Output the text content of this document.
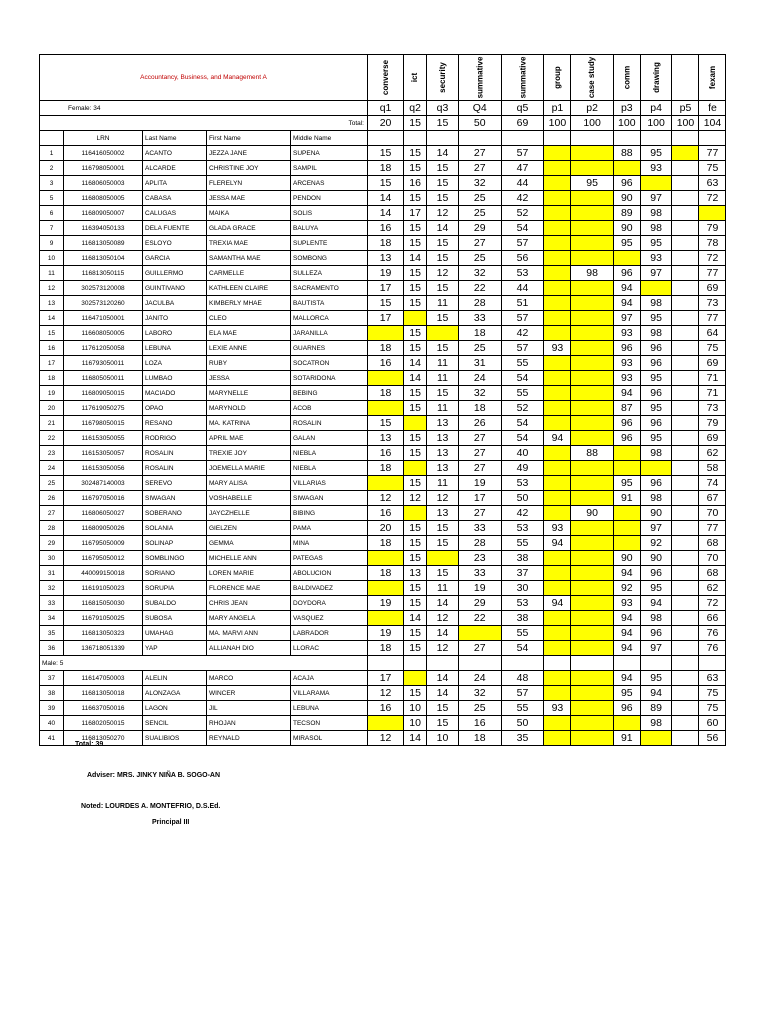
Accountancy, Business, and Management A					converse	ict	security	summative	summative	group	case study	comm	drawing		fexam
Female: 34					q1	q2	q3	Q4	q5	p1	p2	p3	p4	p5	fe
Total:					20	15	15	50	69	100	100	100	100	100	104
	LRN	Last Name	First Name	Middle Name											
1	116416050002	ACANTO	JEZZA JANE	SUPENA	15	15	14	27	57			88	95		77
2	116798050001	ALCARDE	CHRISTINE JOY	SAMPIL	18	15	15	27	47				93		75
3	116806050003	APLITA	FLERELYN	ARCENAS	15	16	15	32	44		95	96			63
5	116808050005	CABASA	JESSA MAE	PENDON	14	15	15	25	42			90	97		72
6	116809050007	CALUGAS	MAIKA	SOLIS	14	17	12	25	52			89	98		
7	116394050133	DELA FUENTE	GLADA GRACE	BALUYA	16	15	14	29	54			90	98		79
9	116813050089	ESLOYO	TREXIA MAE	SUPLENTE	18	15	15	27	57			95	95		78
10	116813050104	GARCIA	SAMANTHA MAE	SOMBONG	13	14	15	25	56				93		72
11	116813050115	GUILLERMO	CARMELLE	SULLEZA	19	15	12	32	53		98	96	97		77
12	302573120008	GUINTIVANO	KATHLEEN CLAIRE	SACRAMENTO	17	15	15	22	44			94			69
13	302573120260	JACULBA	KIMBERLY MHAE	BAUTISTA	15	15	11	28	51			94	98		73
14	116471050001	JANITO	CLEO	MALLORCA	17		15	33	57			97	95		77
15	116608050005	LABORO	ELA MAE	JARANILLA		15		18	42			93	98		64
16	117612050058	LEBUNA	LEXIE ANNE	GUARNES	18	15	15	25	57	93		96	96		75
17	116793050011	LOZA	RUBY	SOCATRON	16	14	11	31	55			93	96		69
18	116805050011	LUMBAO	JESSA	SOTARIDONA		14	11	24	54			93	95		71
19	116809050015	MACIADO	MARYNELLE	BEBING	18	15	15	32	55			94	96		71
20	117619050275	OPAO	MARYNOLD	ACOB		15	11	18	52			87	95		73
21	116798050015	RESANO	MA. KATRINA	ROSALIN	15		13	26	54			96	96		79
22	116153050055	RODRIGO	APRIL MAE	GALAN	13	15	13	27	54	94		96	95		69
23	116153050057	ROSALIN	TREXIE JOY	NIEBLA	16	15	13	27	40		88		98		62
24	116153050056	ROSALIN	JOEMELLA MARIE	NIEBLA	18		13	27	49						58
25	302487140003	SEREVO	MARY ALISA	VILLARIAS		15	11	19	53			95	96		74
26	116797050016	SIWAGAN	VOSHABELLE	SIWAGAN	12	12	12	17	50			91	98		67
27	116806050027	SOBERANO	JAYCZHELLE	BIBING	16		13	27	42		90		90		70
28	116809050026	SOLANIA	GIELZEN	PAMA	20	15	15	33	53	93			97		77
29	116795050009	SOLINAP	GEMMA	MINA	18	15	15	28	55	94			92		68
30	116795050012	SOMBLINGO	MICHELLE ANN	PATEGAS		15		23	38			90	90		70
31	440099150018	SORIANO	LOREN MARIE	ABOLUCION	18	13	15	33	37			94	96		68
32	116191050023	SORUPIA	FLORENCE MAE	BALDIVADEZ		15	11	19	30			92	95		62
33	116815050030	SUBALDO	CHRIS JEAN	DOYDORA	19	15	14	29	53	94		93	94		72
34	116791050025	SUBOSA	MARY ANGELA	VASQUEZ		14	12	22	38			94	98		66
35	116813050323	UMAHAG	MA. MARVI ANN	LABRADOR	19	15	14		55			94	96		76
36	136718051339	YAP	ALLIANAH DIO	LLORAC	18	15	12	27	54			94	97		76
Male: 5															
37	116147050003	ALELIN	MARCO	ACAJA	17		14	24	48			94	95		63
38	116813050018	ALONZAGA	WINCER	VILLARAMA	12	15	14	32	57			95	94		75
39	116637050016	LAGON	JIL	LEBUNA	16	10	15	25	55	93		96	89		75
40	116802050015	SENCIL	RHOJAN	TECSON		10	15	16	50				98		60
41	116813050270	SUALIBIOS	REYNALD	MIRASOL	12	14	10	18	35			91			56
Total: 39
Adviser: MRS. JINKY NIÑA B. SOGO-AN
Noted: LOURDES A. MONTEFRIO, D.S.Ed.
Principal III
